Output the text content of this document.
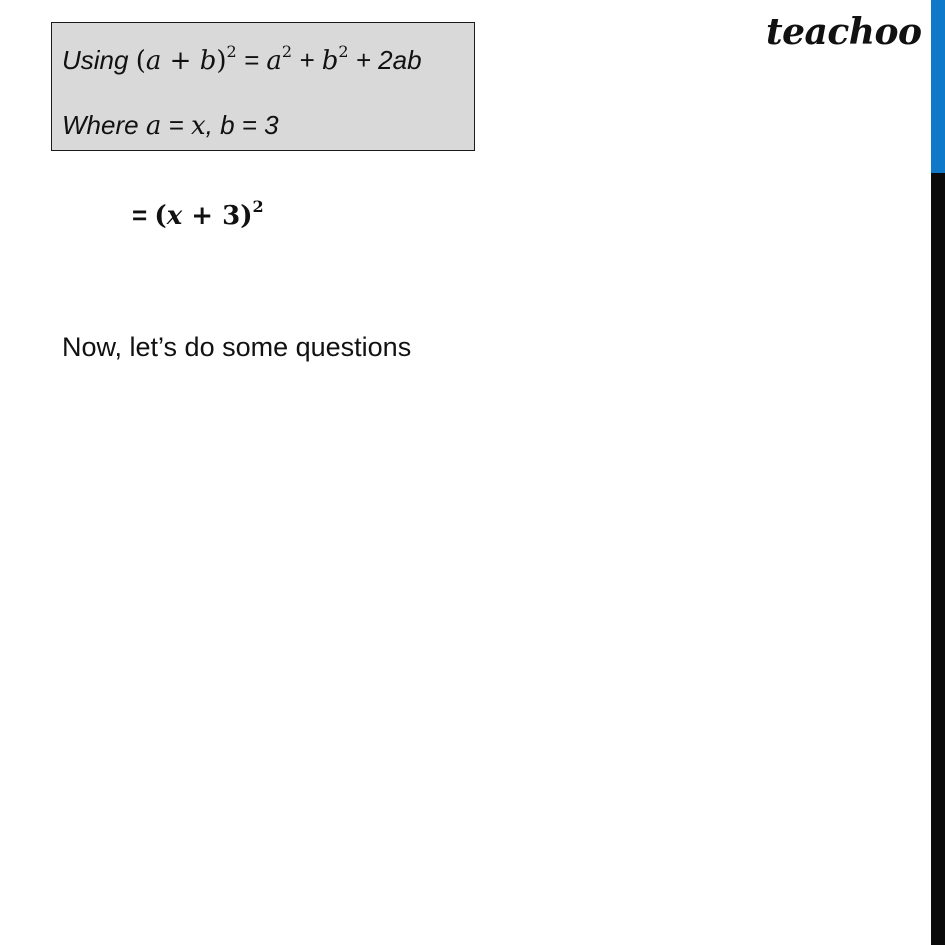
teachoo
Using $(a + b)^2 = a^2 + b^2 + 2ab$
Where a = x, b = 3
= $(x + 3)^2$
Now, let’s do some questions
